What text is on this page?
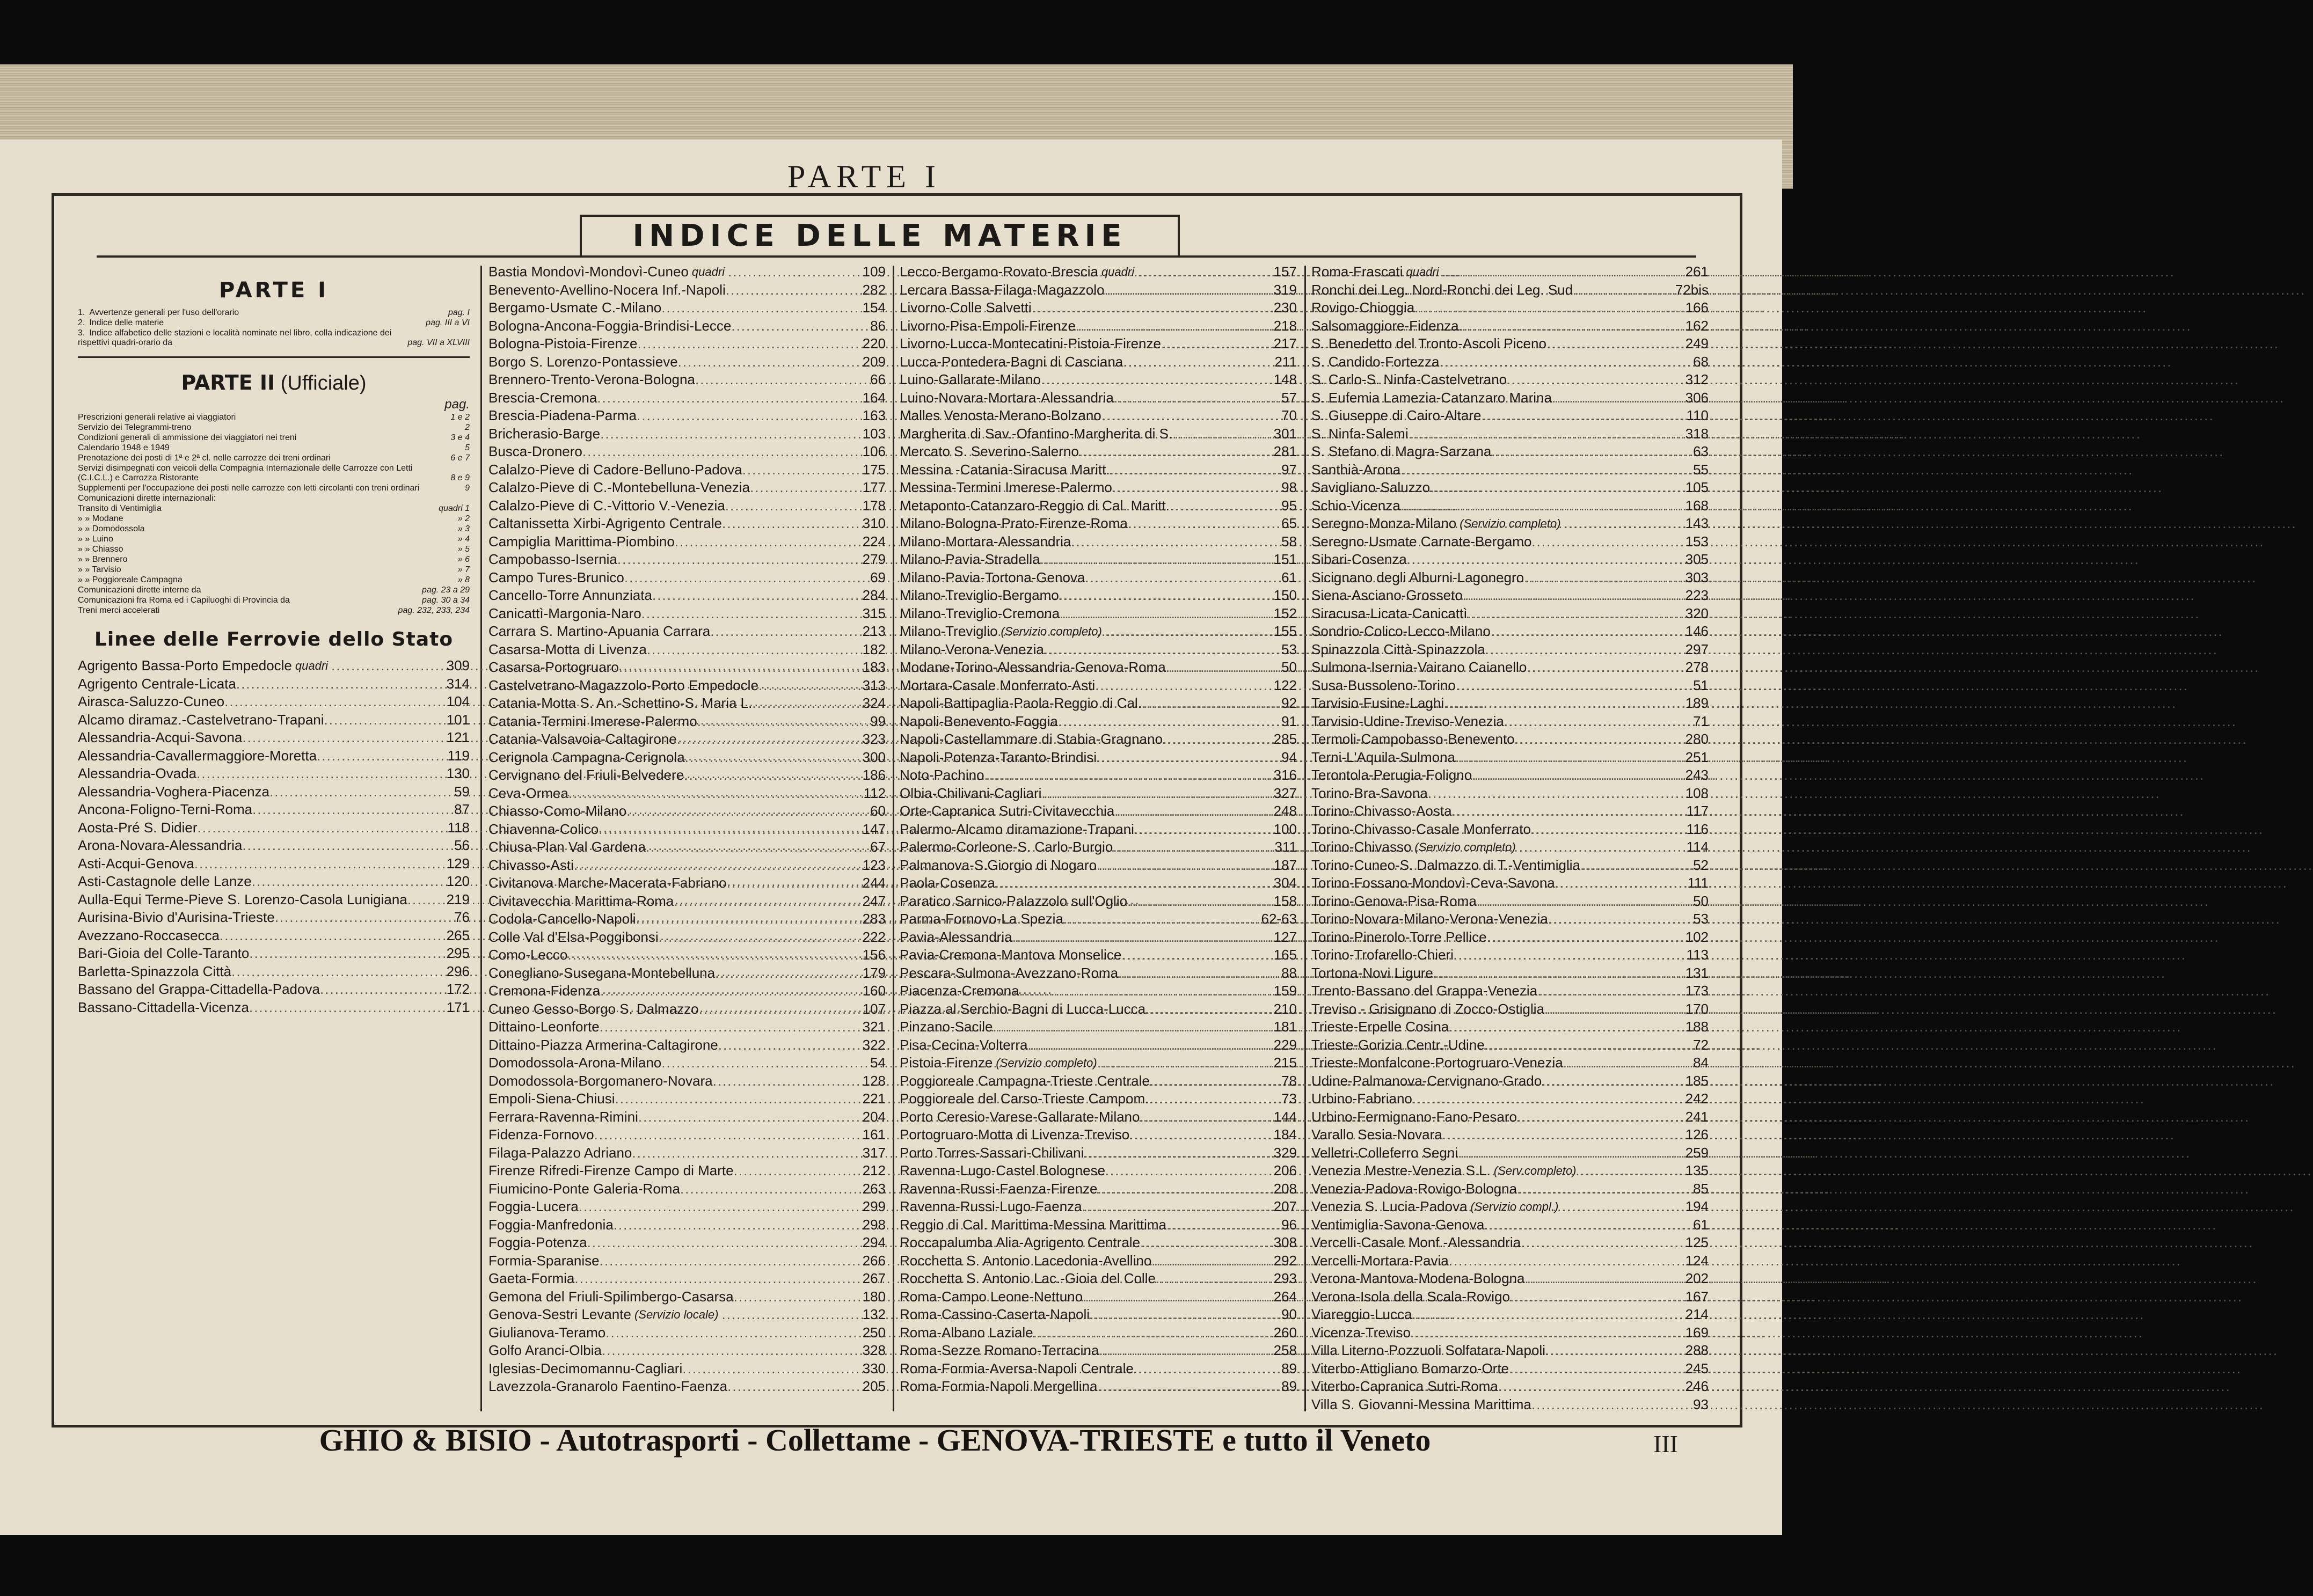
PARTE I
INDICE DELLE MATERIE
PARTE I
1. Avvertenze generali per l'uso dell'orario	pag. I
2. Indice delle materie	pag. III a VI
3. Indice alfabetico delle stazioni e località nominate nel libro, colla indicazione dei rispettivi quadri-orario da	pag. VII a XLVIII
PARTE II (Ufficiale)
pag.
Prescrizioni generali relative ai viaggiatori	1 e 2
Servizio dei Telegrammi-treno	2
Condizioni generali di ammissione dei viaggiatori nei treni	3 e 4
Calendario 1948 e 1949	5
Prenotazione dei posti di 1ª e 2ª cl. nelle carrozze dei treni ordinari	6 e 7
Servizi disimpegnati con veicoli della Compagnia Internazionale delle Carrozze con Letti (C.I.C.L.) e Carrozza Ristorante	8 e 9
Supplementi per l'occupazione dei posti nelle carrozze con letti circolanti con treni ordinari	9
Comunicazioni dirette internazionali:
Transito di Ventimiglia	quadri 1
» » Modane	» 2
» » Domodossola	» 3
» » Luino	» 4
» » Chiasso	» 5
» » Brennero	» 6
» » Tarvisio	» 7
» » Poggioreale Campagna	» 8
Comunicazioni dirette interne da	pag. 23 a 29
Comunicazioni fra Roma ed i Capiluoghi di Provincia da	pag. 30 a 34
Treni merci accelerati	pag. 232, 233, 234
Linee delle Ferrovie dello Stato
Agrigento Bassa-Porto Empedocle quadri .....	309
Agrigento Centrale-Licata .....	314
Airasca-Saluzzo-Cuneo .....	104
Alcamo diramaz.-Castelvetrano-Trapani .....	101
Alessandria-Acqui-Savona .....	121
Alessandria-Cavallermaggiore-Moretta .....	119
Alessandria-Ovada .....	130
Alessandria-Voghera-Piacenza .....	59
Ancona-Foligno-Terni-Roma .....	87
Aosta-Pré S. Didier .....	118
Arona-Novara-Alessandria .....	56
Asti-Acqui-Genova .....	129
Asti-Castagnole delle Lanze .....	120
Aulla-Equi Terme-Pieve S. Lorenzo-Casola Lunigiana .....	219
Aurisina-Bivio d'Aurisina-Trieste .....	76
Avezzano-Roccasecca .....	265
Bari-Gioia del Colle-Taranto .....	295
Barletta-Spinazzola Città .....	296
Bassano del Grappa-Cittadella-Padova .....	172
Bassano-Cittadella-Vicenza .....	171
Bastia Mondovì-Mondovì-Cuneo quadri .....	109
Benevento-Avellino-Nocera Inf.-Napoli .....	282
Bergamo-Usmate C.-Milano .....	154
Bologna-Ancona-Foggia-Brindisi-Lecce .....	86
Bologna-Pistoia-Firenze .....	220
Borgo S. Lorenzo-Pontassieve .....	209
Brennero-Trento-Verona-Bologna .....	66
Brescia-Cremona .....	164
Brescia-Piadena-Parma .....	163
Bricherasio-Barge .....	103
Busca-Dronero .....	106
Calalzo-Pieve di Cadore-Belluno-Padova .....	175
Calalzo-Pieve di C.-Montebelluna-Venezia .....	177
Calalzo-Pieve di C.-Vittorio V.-Venezia .....	178
Caltanissetta Xirbi-Agrigento Centrale .....	310
Campiglia Marittima-Piombino .....	224
Campobasso-Isernia .....	279
Campo Tures-Brunico .....	69
Cancello-Torre Annunziata .....	284
Canicattì-Margonia-Naro .....	315
Carrara S. Martino-Apuania Carrara .....	213
Casarsa-Motta di Livenza .....	182
Casarsa-Portogruaro .....	183
Castelvetrano-Magazzolo-Porto Empedocle .....	313
Catania-Motta S. An.-Schettino-S. Maria L. .....	324
Catania-Termini Imerese-Palermo .....	99
Catania-Valsavoia-Caltagirone .....	323
Cerignola Campagna-Cerignola .....	300
Cervignano del Friuli-Belvedere .....	186
Ceva-Ormea .....	112
Chiasso-Como-Milano .....	60
Chiavenna-Colico .....	147
Chiusa-Plan Val Gardena .....	67
Chivasso-Asti .....	123
Civitanova Marche-Macerata-Fabriano .....	244
Civitavecchia Marittima-Roma .....	247
Codola-Cancello-Napoli .....	283
Colle Val d'Elsa-Poggibonsi .....	222
Como-Lecco .....	156
Conegliano-Susegana-Montebelluna .....	179
Cremona-Fidenza .....	160
Cuneo Gesso-Borgo S. Dalmazzo .....	107
Dittaino-Leonforte .....	321
Dittaino-Piazza Armerina-Caltagirone .....	322
Domodossola-Arona-Milano .....	54
Domodossola-Borgomanero-Novara .....	128
Empoli-Siena-Chiusi .....	221
Ferrara-Ravenna-Rimini .....	204
Fidenza-Fornovo .....	161
Filaga-Palazzo Adriano .....	317
Firenze Rifredi-Firenze Campo di Marte .....	212
Fiumicino-Ponte Galeria-Roma .....	263
Foggia-Lucera .....	299
Foggia-Manfredonia .....	298
Foggia-Potenza .....	294
Formia-Sparanise .....	266
Gaeta-Formia .....	267
Gemona del Friuli-Spilimbergo-Casarsa .....	180
Genova-Sestri Levante (Servizio locale) .....	132
Giulianova-Teramo .....	250
Golfo Aranci-Olbia .....	328
Iglesias-Decimomannu-Cagliari .....	330
Lavezzola-Granarolo Faentino-Faenza .....	205
Lecco-Bergamo-Rovato-Brescia quadri .....	157
Lercara Bassa-Filaga-Magazzolo .....	319
Livorno-Colle Salvetti .....	230
Livorno-Pisa-Empoli-Firenze .....	218
Livorno-Lucca-Montecatini-Pistoia-Firenze .....	217
Lucca-Pontedera-Bagni di Casciana .....	211
Luino-Gallarate-Milano .....	148
Luino-Novara-Mortara-Alessandria .....	57
Malles Venosta-Merano-Bolzano .....	70
Margherita di Sav.-Ofantino-Margherita di S. .....	301
Mercato S. Severino-Salerno .....	281
Messina -Catania-Siracusa Maritt. .....	97
Messina-Termini Imerese-Palermo .....	98
Metaponto-Catanzaro-Reggio di Cal. Maritt. .....	95
Milano-Bologna-Prato-Firenze-Roma .....	65
Milano-Mortara-Alessandria .....	58
Milano-Pavia-Stradella .....	151
Milano-Pavia-Tortona-Genova .....	61
Milano-Treviglio-Bergamo .....	150
Milano-Treviglio-Cremona .....	152
Milano-Treviglio (Servizio completo) .....	155
Milano-Verona-Venezia .....	53
Modane-Torino-Alessandria-Genova-Roma .....	50
Mortara-Casale Monferrato-Asti .....	122
Napoli-Battipaglia-Paola-Reggio di Cal. .....	92
Napoli-Benevento-Foggia .....	91
Napoli-Castellammare di Stabia-Gragnano .....	285
Napoli-Potenza-Taranto-Brindisi .....	94
Noto-Pachino .....	316
Olbia-Chilivani-Cagliari .....	327
Orte-Capranica Sutri-Civitavecchia .....	248
Palermo-Alcamo diramazione-Trapani .....	100
Palermo-Corleone-S. Carlo-Burgio .....	311
Palmanova-S.Giorgio di Nogaro .....	187
Paola-Cosenza .....	304
Paratico Sarnico-Palazzolo sull'Oglio .....	158
Parma-Fornovo-La Spezia .....	62-63
Pavia-Alessandria .....	127
Pavia-Cremona-Mantova Monselice .....	165
Pescara-Sulmona-Avezzano-Roma .....	88
Piacenza-Cremona .....	159
Piazza al Serchio-Bagni di Lucca-Lucca .....	210
Pinzano-Sacile .....	181
Pisa-Cecina-Volterra .....	229
Pistoia-Firenze (Servizio completo) .....	215
Poggioreale Campagna-Trieste Centrale .....	78
Poggioreale del Carso-Trieste Campom. .....	73
Porto Ceresio-Varese-Gallarate-Milano .....	144
Portogruaro-Motta di Livenza-Treviso .....	184
Porto Torres-Sassari-Chilivani .....	329
Ravenna-Lugo-Castel Bolognese .....	206
Ravenna-Russi-Faenza-Firenze .....	208
Ravenna-Russi-Lugo-Faenza .....	207
Reggio di Cal. Marittima-Messina Marittima .....	96
Roccapalumba Alia-Agrigento Centrale .....	308
Rocchetta S. Antonio Lacedonia-Avellino .....	292
Rocchetta S. Antonio Lac.-Gioia del Colle .....	293
Roma-Campo Leone-Nettuno .....	264
Roma-Cassino-Caserta-Napoli .....	90
Roma-Albano Laziale .....	260
Roma-Sezze Romano-Terracina .....	258
Roma-Formia-Aversa-Napoli Centrale .....	89
Roma-Formia-Napoli Mergellina .....	89
Roma-Frascati quadri .....	261
Ronchi dei Leg. Nord-Ronchi dei Leg. Sud .....	72bis
Rovigo-Chioggia .....	166
Salsomaggiore-Fidenza .....	162
S. Benedetto del Tronto-Ascoli Piceno .....	249
S. Candido-Fortezza .....	68
S. Carlo-S. Ninfa-Castelvetrano .....	312
S. Eufemia Lamezia-Catanzaro Marina .....	306
S. Giuseppe di Cairo-Altare .....	110
S. Ninfa-Salemi .....	318
S. Stefano di Magra-Sarzana .....	63
Santhià-Arona .....	55
Savigliano-Saluzzo .....	105
Schio-Vicenza .....	168
Seregno-Monza-Milano (Servizio completo) .....	143
Seregno-Usmate Carnate-Bergamo .....	153
Sibari-Cosenza .....	305
Sicignano degli Alburni-Lagonegro .....	303
Siena-Asciano-Grosseto .....	223
Siracusa-Licata-Canicattì .....	320
Sondrio-Colico-Lecco-Milano .....	146
Spinazzola Città-Spinazzola .....	297
Sulmona-Isernia-Vairano Caianello .....	278
Susa-Bussoleno-Torino .....	51
Tarvisio-Fusine-Laghi .....	189
Tarvisio-Udine-Treviso-Venezia .....	71
Termoli-Campobasso-Benevento .....	280
Terni-L'Aquila-Sulmona .....	251
Terontola-Perugia-Foligno .....	243
Torino-Bra-Savona .....	108
Torino-Chivasso-Aosta .....	117
Torino-Chivasso-Casale Monferrato .....	116
Torino-Chivasso (Servizio completo) .....	114
Torino-Cuneo-S. Dalmazzo di T.-Ventimiglia .....	52
Torino-Fossano-Mondovì-Ceva-Savona .....	111
Torino-Genova-Pisa-Roma .....	50
Torino-Novara-Milano-Verona-Venezia .....	53
Torino-Pinerolo-Torre Pellice .....	102
Torino-Trofarello-Chieri .....	113
Tortona-Novi Ligure .....	131
Trento-Bassano del Grappa-Venezia .....	173
Treviso - Grisignano di Zocco-Ostiglia .....	170
Trieste-Erpelle Cosina .....	188
Trieste-Gorizia Centr.-Udine .....	72
Trieste-Monfalcone-Portogruaro-Venezia .....	84
Udine-Palmanova-Cervignano-Grado .....	185
Urbino-Fabriano .....	242
Urbino-Fermignano-Fano-Pesaro .....	241
Varallo Sesia-Novara .....	126
Velletri-Colleferro Segni .....	259
Venezia Mestre-Venezia S.L. (Serv.completo) .....	135
Venezia-Padova-Rovigo-Bologna .....	85
Venezia S. Lucia-Padova (Servizio compl.) .....	194
Ventimiglia-Savona-Genova .....	61
Vercelli-Casale Monf.-Alessandria .....	125
Vercelli-Mortara-Pavia .....	124
Verona-Mantova-Modena-Bologna .....	202
Verona-Isola della Scala-Rovigo .....	167
Viareggio-Lucca .....	214
Vicenza-Treviso .....	169
Villa Literno-Pozzuoli Solfatara-Napoli .....	288
Viterbo-Attigliano Bomarzo-Orte .....	245
Viterbo-Capranica Sutri-Roma .....	246
Villa S. Giovanni-Messina Marittima .....	93
GHIO & BISIO - Autotrasporti - Collettame - GENOVA-TRIESTE e tutto il Veneto	III
